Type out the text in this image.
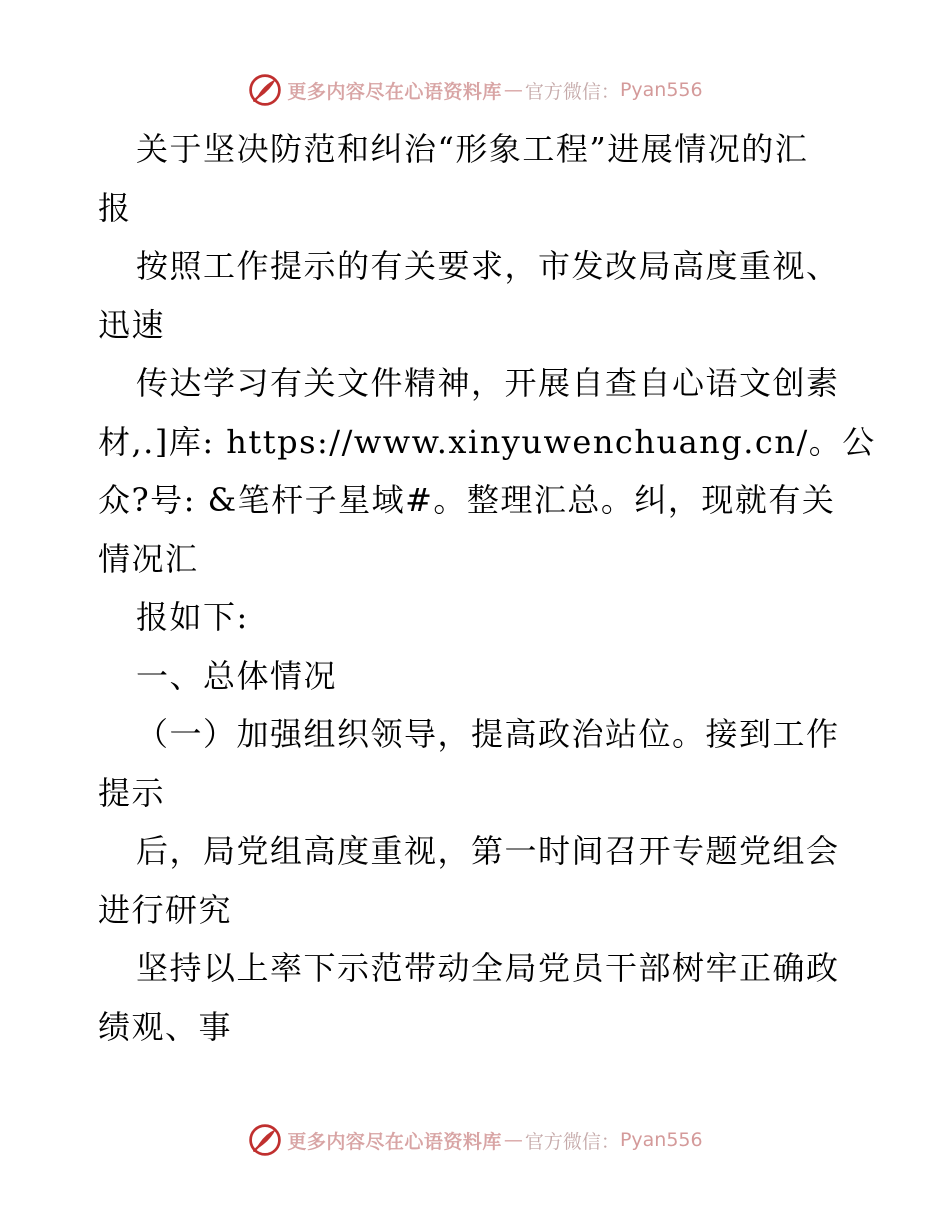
更多内容尽在心语资料库 — 官方微信： Pyan556
关于坚决防范和纠治“形象工程”进展情况的汇
报
按照工作提示的有关要求，市发改局高度重视、
迅速
传达学习有关文件精神，开展自查自心语文创素
材,.]库: https://www.xinyuwenchuang.cn/。公
众?号: &笔杆子星域#。整理汇总。纠，现就有关
情况汇
报如下:
一、总体情况
（一）加强组织领导，提高政治站位。接到工作
提示
后，局党组高度重视，第一时间召开专题党组会
进行研究
坚持以上率下示范带动全局党员干部树牢正确政
绩观、事
更多内容尽在心语资料库 — 官方微信： Pyan556
